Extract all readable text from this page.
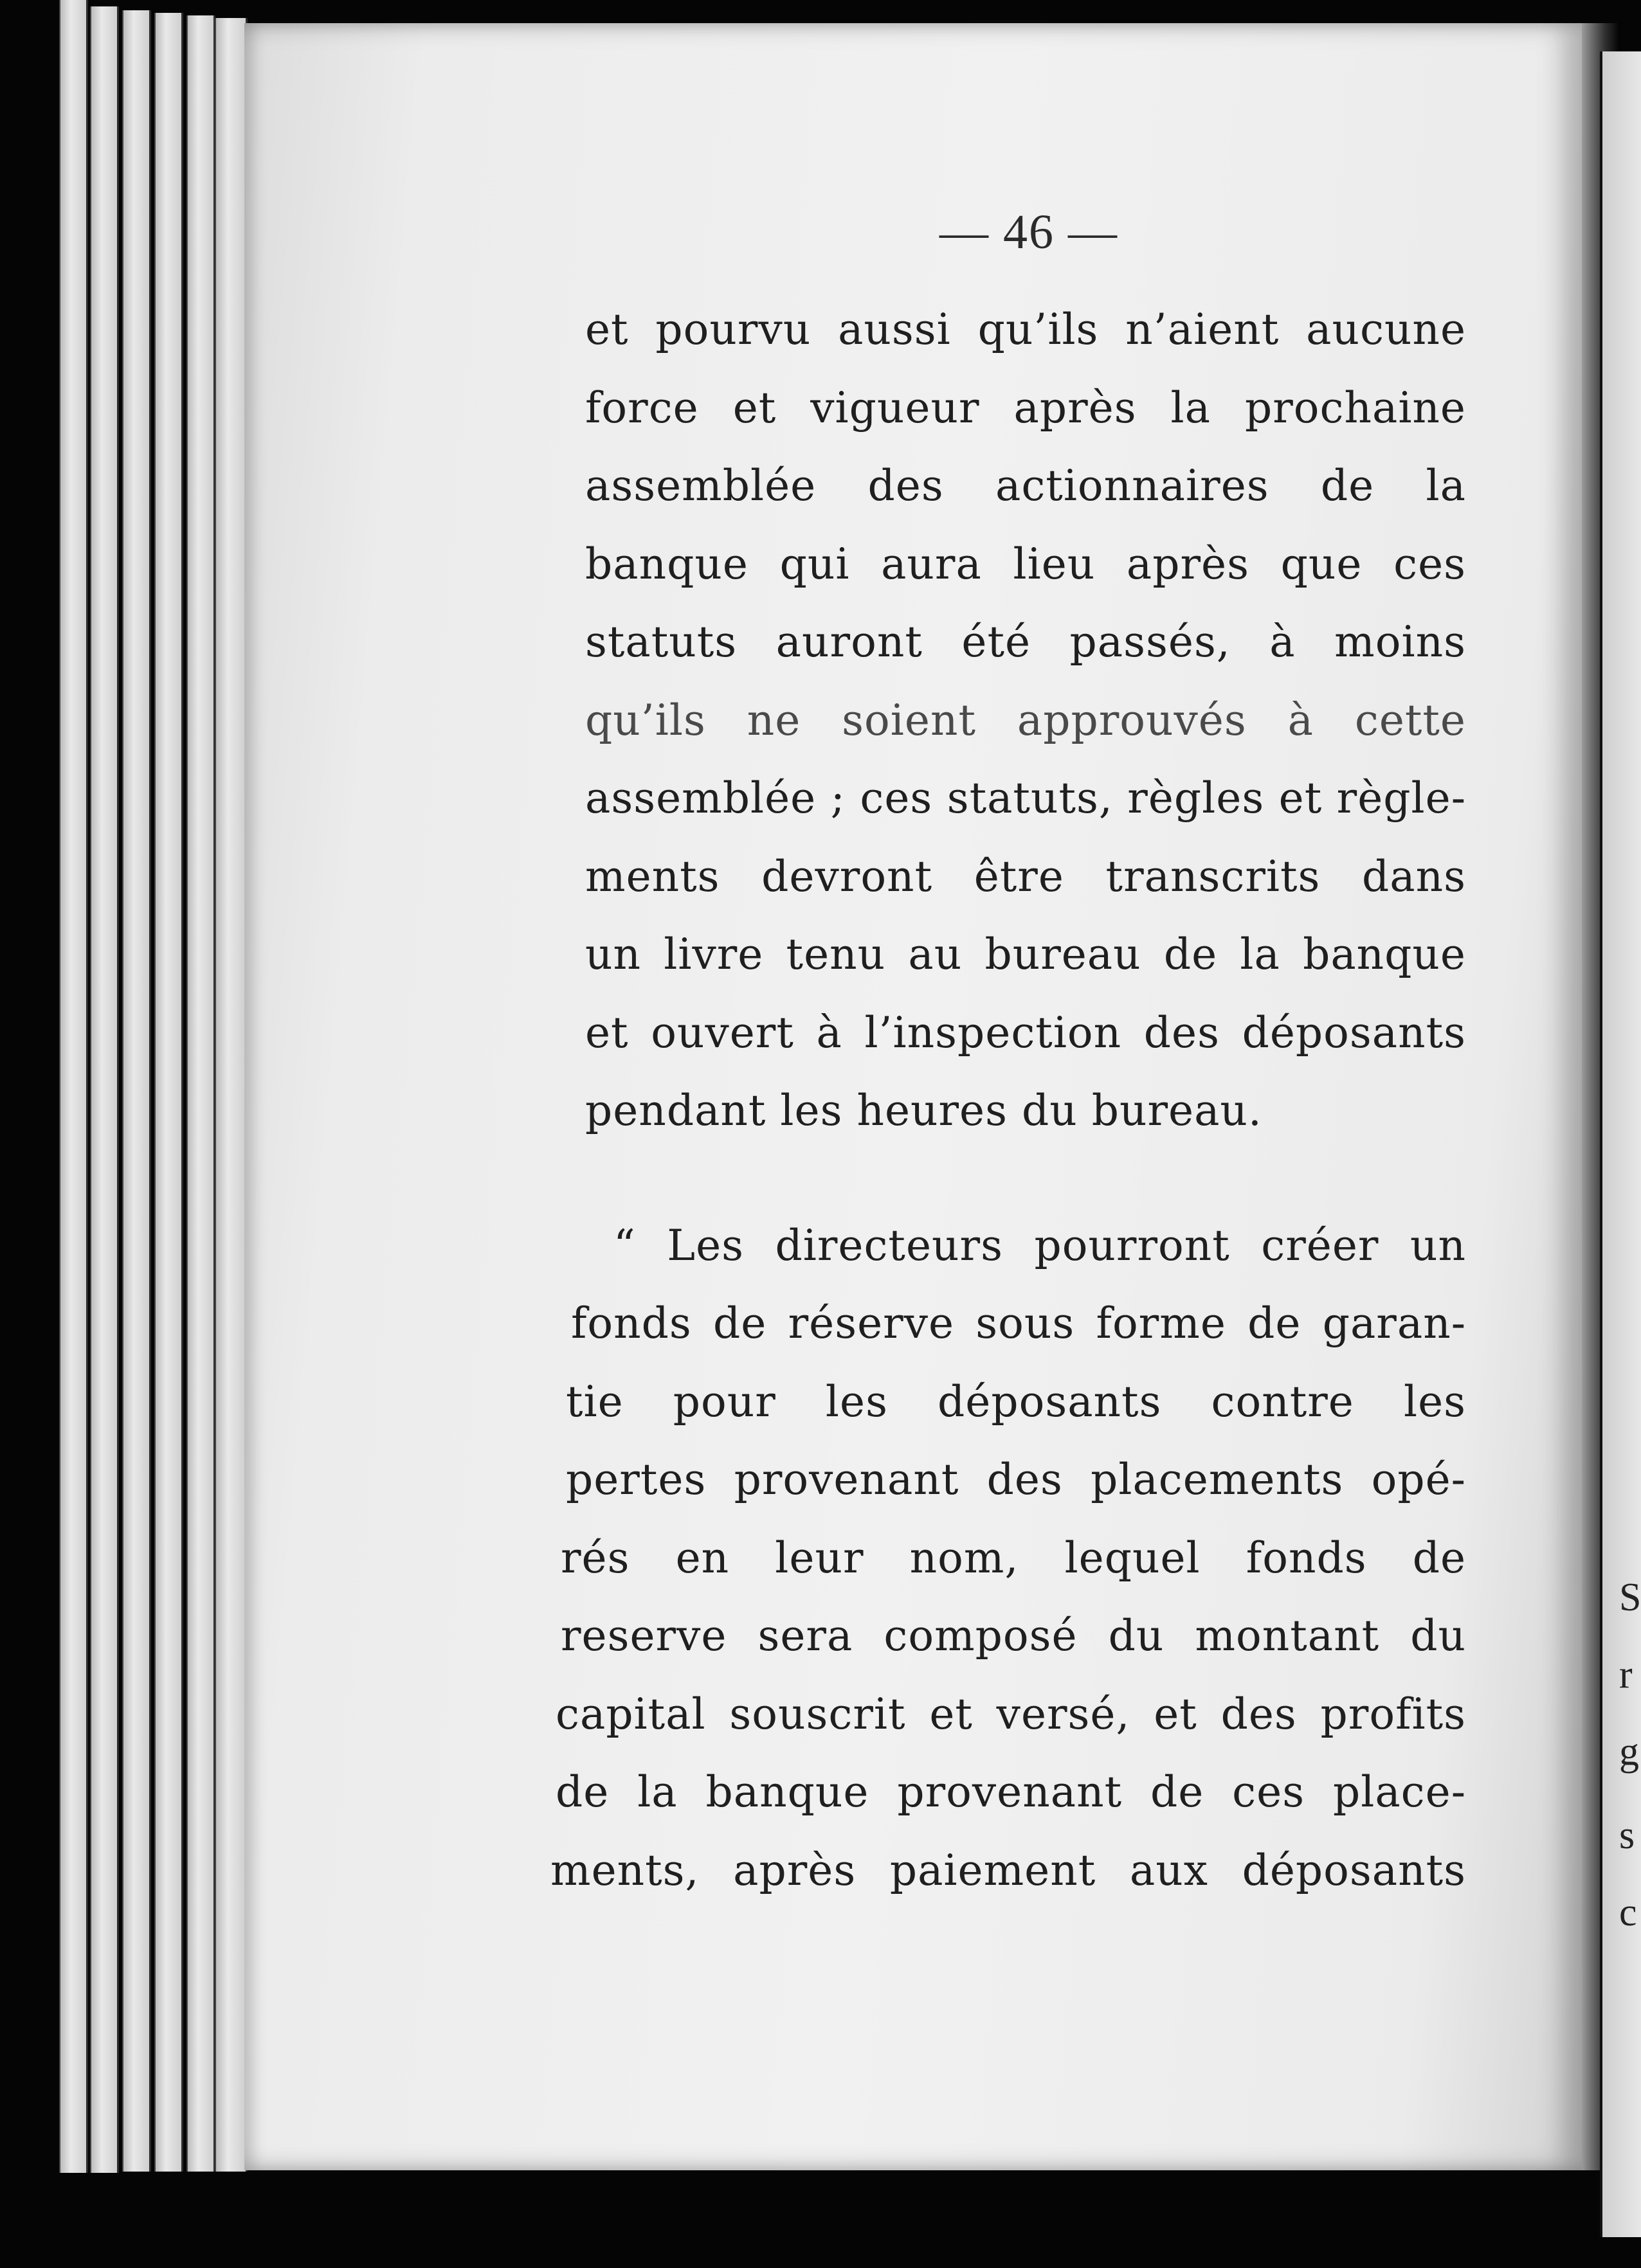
S
r
g
s
c
— 46 —
et pourvu aussi qu’ils n’aient aucune
force et vigueur après la prochaine
assemblée des actionnaires de la
banque qui aura lieu après que ces
statuts auront été passés, à moins
qu’ils ne soient approuvés à cette
assemblée ; ces statuts, règles et règle-
ments devront être transcrits dans
un livre tenu au bureau de la banque
et ouvert à l’inspection des déposants
pendant les heures du bureau.
“ Les directeurs pourront créer un
fonds de réserve sous forme de garan-
tie pour les déposants contre les
pertes provenant des placements opé-
rés en leur nom, lequel fonds de
reserve sera composé du montant du
capital souscrit et versé, et des profits
de la banque provenant de ces place-
ments, après paiement aux déposants
